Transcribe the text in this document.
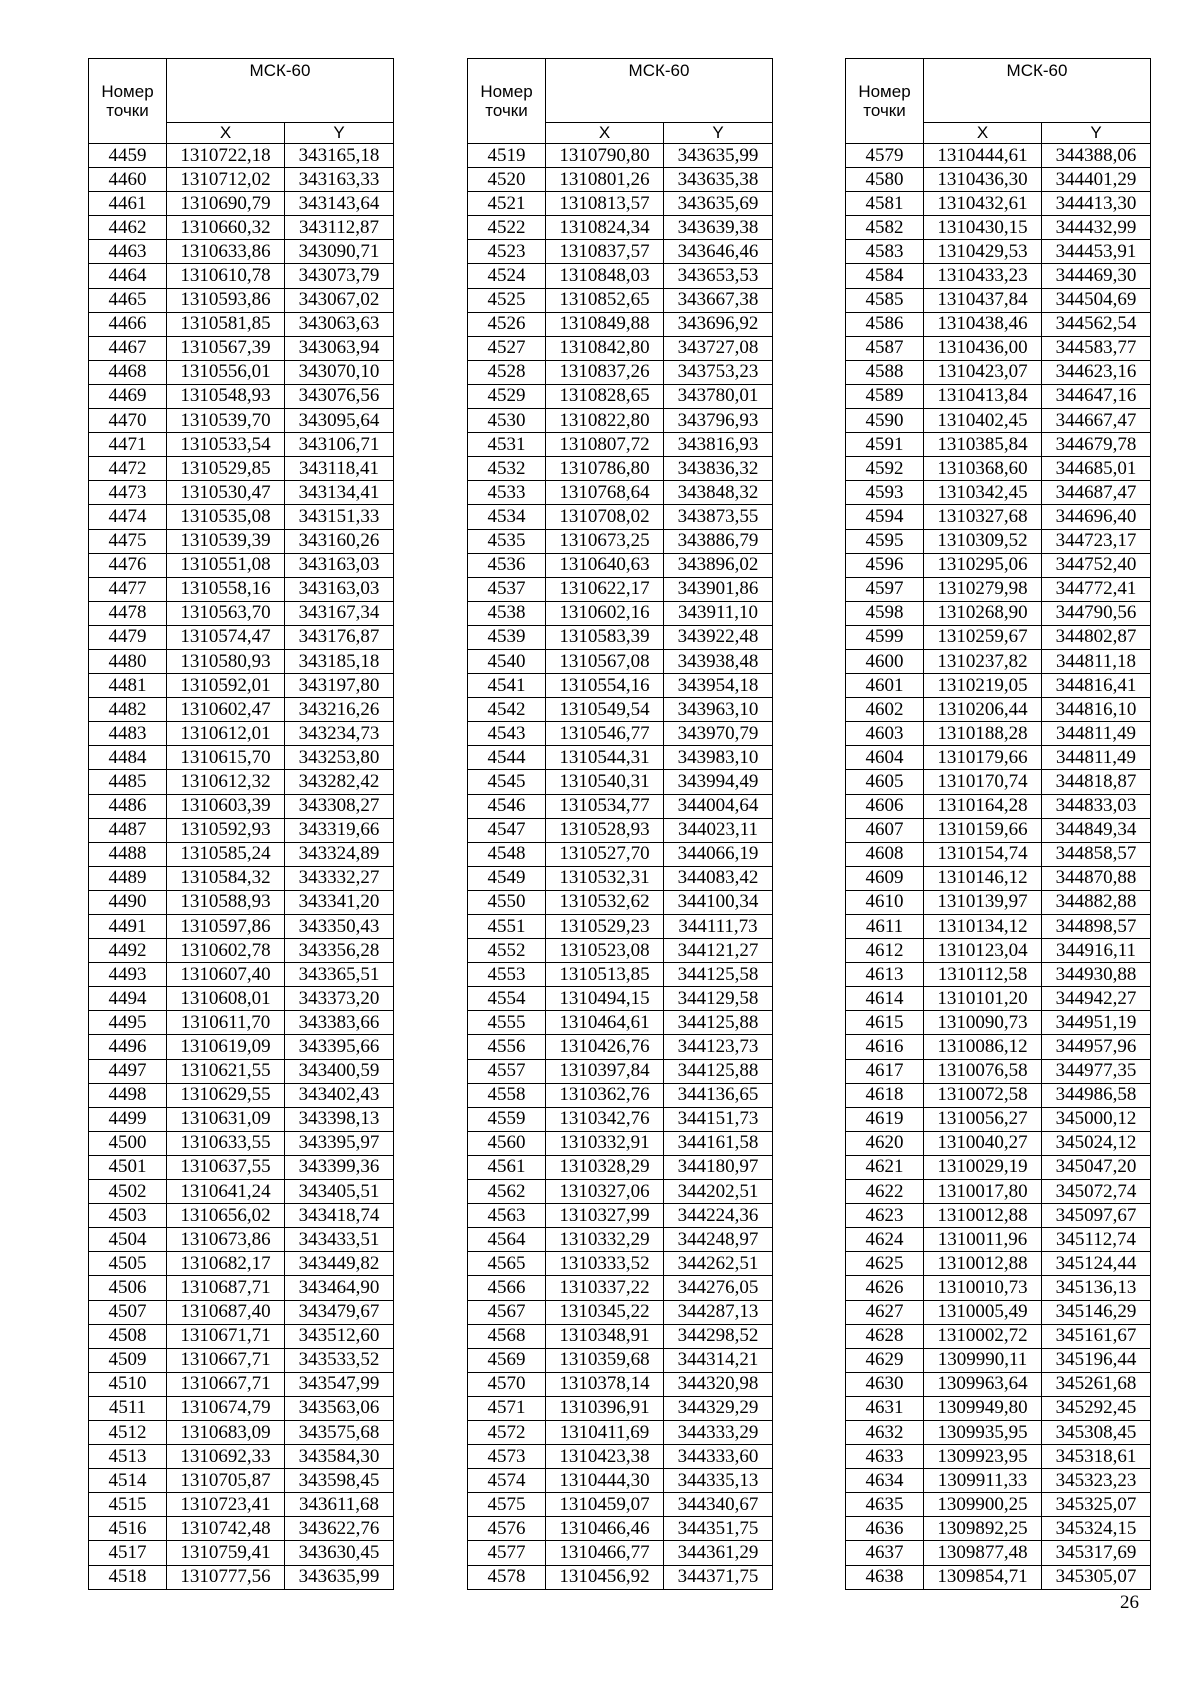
Номер
точки	МСК-60	
	X	Y
4459	1310722,18	343165,18
4460	1310712,02	343163,33
4461	1310690,79	343143,64
4462	1310660,32	343112,87
4463	1310633,86	343090,71
4464	1310610,78	343073,79
4465	1310593,86	343067,02
4466	1310581,85	343063,63
4467	1310567,39	343063,94
4468	1310556,01	343070,10
4469	1310548,93	343076,56
4470	1310539,70	343095,64
4471	1310533,54	343106,71
4472	1310529,85	343118,41
4473	1310530,47	343134,41
4474	1310535,08	343151,33
4475	1310539,39	343160,26
4476	1310551,08	343163,03
4477	1310558,16	343163,03
4478	1310563,70	343167,34
4479	1310574,47	343176,87
4480	1310580,93	343185,18
4481	1310592,01	343197,80
4482	1310602,47	343216,26
4483	1310612,01	343234,73
4484	1310615,70	343253,80
4485	1310612,32	343282,42
4486	1310603,39	343308,27
4487	1310592,93	343319,66
4488	1310585,24	343324,89
4489	1310584,32	343332,27
4490	1310588,93	343341,20
4491	1310597,86	343350,43
4492	1310602,78	343356,28
4493	1310607,40	343365,51
4494	1310608,01	343373,20
4495	1310611,70	343383,66
4496	1310619,09	343395,66
4497	1310621,55	343400,59
4498	1310629,55	343402,43
4499	1310631,09	343398,13
4500	1310633,55	343395,97
4501	1310637,55	343399,36
4502	1310641,24	343405,51
4503	1310656,02	343418,74
4504	1310673,86	343433,51
4505	1310682,17	343449,82
4506	1310687,71	343464,90
4507	1310687,40	343479,67
4508	1310671,71	343512,60
4509	1310667,71	343533,52
4510	1310667,71	343547,99
4511	1310674,79	343563,06
4512	1310683,09	343575,68
4513	1310692,33	343584,30
4514	1310705,87	343598,45
4515	1310723,41	343611,68
4516	1310742,48	343622,76
4517	1310759,41	343630,45
4518	1310777,56	343635,99
Номер
точки	МСК-60	
	X	Y
4519	1310790,80	343635,99
4520	1310801,26	343635,38
4521	1310813,57	343635,69
4522	1310824,34	343639,38
4523	1310837,57	343646,46
4524	1310848,03	343653,53
4525	1310852,65	343667,38
4526	1310849,88	343696,92
4527	1310842,80	343727,08
4528	1310837,26	343753,23
4529	1310828,65	343780,01
4530	1310822,80	343796,93
4531	1310807,72	343816,93
4532	1310786,80	343836,32
4533	1310768,64	343848,32
4534	1310708,02	343873,55
4535	1310673,25	343886,79
4536	1310640,63	343896,02
4537	1310622,17	343901,86
4538	1310602,16	343911,10
4539	1310583,39	343922,48
4540	1310567,08	343938,48
4541	1310554,16	343954,18
4542	1310549,54	343963,10
4543	1310546,77	343970,79
4544	1310544,31	343983,10
4545	1310540,31	343994,49
4546	1310534,77	344004,64
4547	1310528,93	344023,11
4548	1310527,70	344066,19
4549	1310532,31	344083,42
4550	1310532,62	344100,34
4551	1310529,23	344111,73
4552	1310523,08	344121,27
4553	1310513,85	344125,58
4554	1310494,15	344129,58
4555	1310464,61	344125,88
4556	1310426,76	344123,73
4557	1310397,84	344125,88
4558	1310362,76	344136,65
4559	1310342,76	344151,73
4560	1310332,91	344161,58
4561	1310328,29	344180,97
4562	1310327,06	344202,51
4563	1310327,99	344224,36
4564	1310332,29	344248,97
4565	1310333,52	344262,51
4566	1310337,22	344276,05
4567	1310345,22	344287,13
4568	1310348,91	344298,52
4569	1310359,68	344314,21
4570	1310378,14	344320,98
4571	1310396,91	344329,29
4572	1310411,69	344333,29
4573	1310423,38	344333,60
4574	1310444,30	344335,13
4575	1310459,07	344340,67
4576	1310466,46	344351,75
4577	1310466,77	344361,29
4578	1310456,92	344371,75
Номер
точки	МСК-60	
	X	Y
4579	1310444,61	344388,06
4580	1310436,30	344401,29
4581	1310432,61	344413,30
4582	1310430,15	344432,99
4583	1310429,53	344453,91
4584	1310433,23	344469,30
4585	1310437,84	344504,69
4586	1310438,46	344562,54
4587	1310436,00	344583,77
4588	1310423,07	344623,16
4589	1310413,84	344647,16
4590	1310402,45	344667,47
4591	1310385,84	344679,78
4592	1310368,60	344685,01
4593	1310342,45	344687,47
4594	1310327,68	344696,40
4595	1310309,52	344723,17
4596	1310295,06	344752,40
4597	1310279,98	344772,41
4598	1310268,90	344790,56
4599	1310259,67	344802,87
4600	1310237,82	344811,18
4601	1310219,05	344816,41
4602	1310206,44	344816,10
4603	1310188,28	344811,49
4604	1310179,66	344811,49
4605	1310170,74	344818,87
4606	1310164,28	344833,03
4607	1310159,66	344849,34
4608	1310154,74	344858,57
4609	1310146,12	344870,88
4610	1310139,97	344882,88
4611	1310134,12	344898,57
4612	1310123,04	344916,11
4613	1310112,58	344930,88
4614	1310101,20	344942,27
4615	1310090,73	344951,19
4616	1310086,12	344957,96
4617	1310076,58	344977,35
4618	1310072,58	344986,58
4619	1310056,27	345000,12
4620	1310040,27	345024,12
4621	1310029,19	345047,20
4622	1310017,80	345072,74
4623	1310012,88	345097,67
4624	1310011,96	345112,74
4625	1310012,88	345124,44
4626	1310010,73	345136,13
4627	1310005,49	345146,29
4628	1310002,72	345161,67
4629	1309990,11	345196,44
4630	1309963,64	345261,68
4631	1309949,80	345292,45
4632	1309935,95	345308,45
4633	1309923,95	345318,61
4634	1309911,33	345323,23
4635	1309900,25	345325,07
4636	1309892,25	345324,15
4637	1309877,48	345317,69
4638	1309854,71	345305,07
26
